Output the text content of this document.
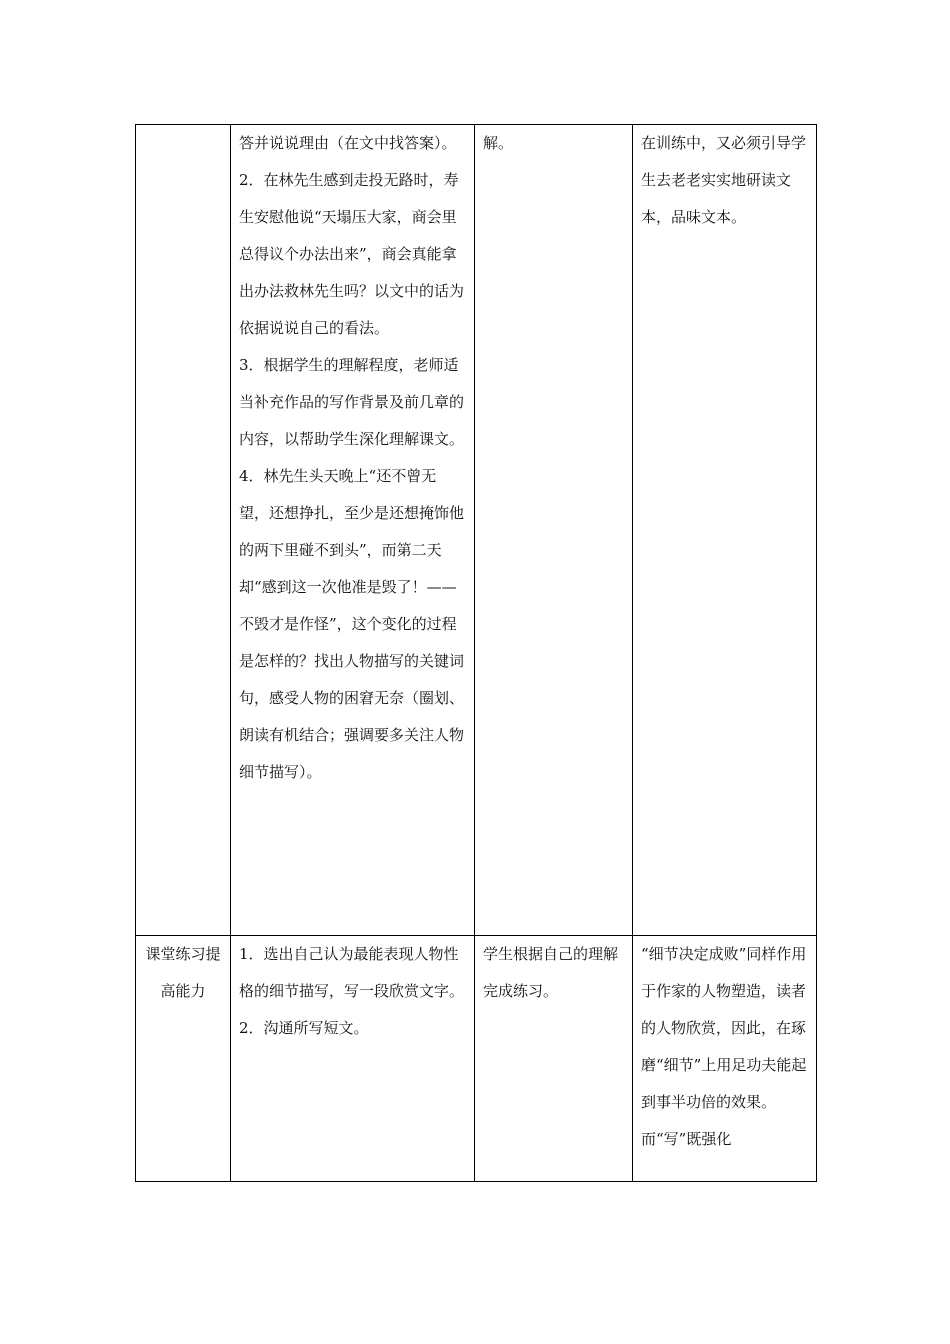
	答并说说理由（在文中找答案）。
2．在林先生感到走投无路时，寿生安慰他说“天塌压大家，商会里总得议个办法出来”，商会真能拿出办法救林先生吗？以文中的话为依据说说自己的看法。
3．根据学生的理解程度，老师适当补充作品的写作背景及前几章的内容，以帮助学生深化理解课文。
4．林先生头天晚上“还不曾无望，还想挣扎，至少是还想掩饰他的两下里碰不到头”，而第二天却“感到这一次他准是毁了！——不毁才是作怪”，这个变化的过程是怎样的？找出人物描写的关键词句，感受人物的困窘无奈（圈划、朗读有机结合；强调要多关注人物细节描写）。	解。	在训练中，又必须引导学生去老老实实地研读文本，品味文本。
课堂练习提高能力	1．选出自己认为最能表现人物性格的细节描写，写一段欣赏文字。
2．沟通所写短文。	学生根据自己的理解完成练习。	“细节决定成败”同样作用于作家的人物塑造，读者的人物欣赏，因此，在琢磨“细节”上用足功夫能起到事半功倍的效果。而“写”既强化
